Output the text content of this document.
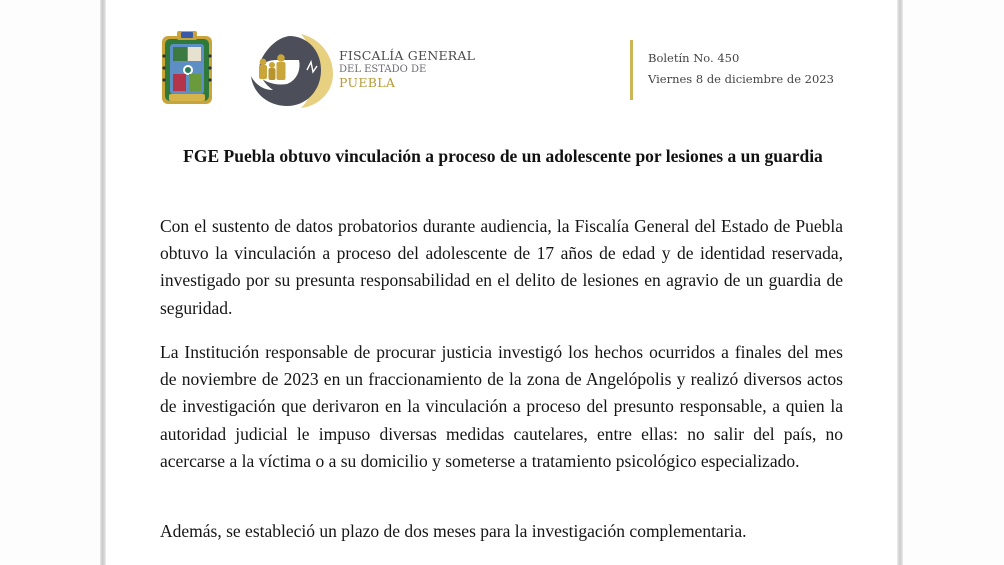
FISCALÍA GENERAL
DEL ESTADO DE
PUEBLA
Boletín No. 450
Viernes 8 de diciembre de 2023
FGE Puebla obtuvo vinculación a proceso de un adolescente por lesiones a un guardia
Con el sustento de datos probatorios durante audiencia, la Fiscalía General del Estado de Puebla obtuvo la vinculación a proceso del adolescente de 17 años de edad y de identidad reservada, investigado por su presunta responsabilidad en el delito de lesiones en agravio de un guardia de seguridad.
La Institución responsable de procurar justicia investigó los hechos ocurridos a finales del mes de noviembre de 2023 en un fraccionamiento de la zona de Angelópolis y realizó diversos actos de investigación que derivaron en la vinculación a proceso del presunto responsable, a quien la autoridad judicial le impuso diversas medidas cautelares, entre ellas: no salir del país, no acercarse a la víctima o a su domicilio y someterse a tratamiento psicológico especializado.
Además, se estableció un plazo de dos meses para la investigación complementaria.
